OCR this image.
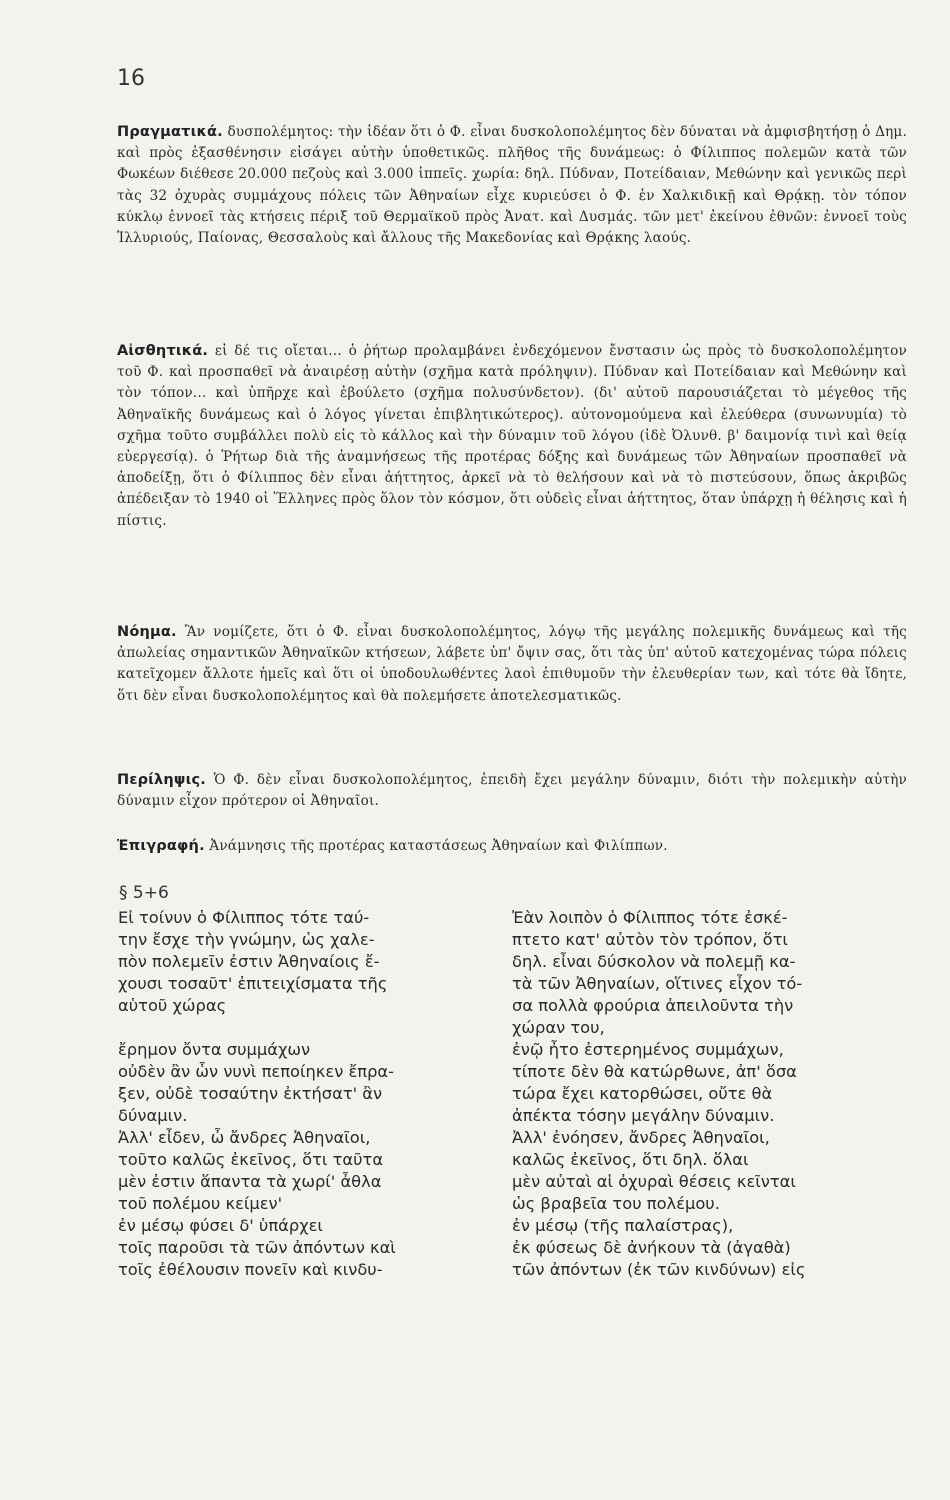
16
Πραγματικά. δυσπολέμητος: τὴν ἰδέαν ὅτι ὁ Φ. εἶναι δυσκολοπολέμητος δὲν δύναται νὰ ἀμφισβητήσῃ ὁ Δημ. καὶ πρὸς ἐξασθένησιν εἰσάγει αὐτὴν ὑποθετικῶς. πλῆθος τῆς δυνάμεως: ὁ Φίλιππος πολεμῶν κατὰ τῶν Φωκέων διέθεσε 20.000 πεζοὺς καὶ 3.000 ἱππεῖς. χωρία: δηλ. Πύδναν, Ποτείδαιαν, Μεθώνην καὶ γενικῶς περὶ τὰς 32 ὀχυρὰς συμμάχους πόλεις τῶν Ἀθηναίων εἶχε κυριεύσει ὁ Φ. ἐν Χαλκιδικῇ καὶ Θρᾴκῃ. τὸν τόπον κύκλῳ ἐννοεῖ τὰς κτήσεις πέριξ τοῦ Θερμαϊκοῦ πρὸς Ἀνατ. καὶ Δυσμάς. τῶν μετ' ἐκείνου ἐθνῶν: ἐννοεῖ τοὺς Ἰλλυριούς, Παίονας, Θεσσαλοὺς καὶ ἄλλους τῆς Μακεδονίας καὶ Θρᾴκης λαούς.
Αἰσθητικά. εἰ δέ τις οἴεται... ὁ ῥήτωρ προλαμβάνει ἐνδεχόμενον ἔνστασιν ὡς πρὸς τὸ δυσκολοπολέμητον τοῦ Φ. καὶ προσπαθεῖ νὰ ἀναιρέσῃ αὐτὴν (σχῆμα κατὰ πρόληψιν). Πύδναν καὶ Ποτείδαιαν καὶ Μεθώνην καὶ τὸν τόπον... καὶ ὑπῆρχε καὶ ἐβούλετο (σχῆμα πολυσύνδετον). (δι' αὐτοῦ παρουσιάζεται τὸ μέγεθος τῆς Ἀθηναϊκῆς δυνάμεως καὶ ὁ λόγος γίνεται ἐπιβλητικώτερος). αὐτονομούμενα καὶ ἐλεύθερα (συνωνυμία) τὸ σχῆμα τοῦτο συμβάλλει πολὺ εἰς τὸ κάλλος καὶ τὴν δύναμιν τοῦ λόγου (ἰδὲ Ὀλυνθ. β' δαιμονίᾳ τινὶ καὶ θείᾳ εὐεργεσίᾳ). ὁ Ῥήτωρ διὰ τῆς ἀναμνήσεως τῆς προτέρας δόξης καὶ δυνάμεως τῶν Ἀθηναίων προσπαθεῖ νὰ ἀποδείξῃ, ὅτι ὁ Φίλιππος δὲν εἶναι ἀήττητος, ἀρκεῖ νὰ τὸ θελήσουν καὶ νὰ τὸ πιστεύσουν, ὅπως ἀκριβῶς ἀπέδειξαν τὸ 1940 οἱ Ἕλληνες πρὸς ὅλον τὸν κόσμον, ὅτι οὐδεὶς εἶναι ἀήττητος, ὅταν ὑπάρχῃ ἡ θέλησις καὶ ἡ πίστις.
Νόημα. Ἂν νομίζετε, ὅτι ὁ Φ. εἶναι δυσκολοπολέμητος, λόγῳ τῆς μεγάλης πολεμικῆς δυνάμεως καὶ τῆς ἀπωλείας σημαντικῶν Ἀθηναϊκῶν κτήσεων, λάβετε ὑπ' ὄψιν σας, ὅτι τὰς ὑπ' αὐτοῦ κατεχομένας τώρα πόλεις κατεῖχομεν ἄλλοτε ἡμεῖς καὶ ὅτι οἱ ὑποδουλωθέντες λαοὶ ἐπιθυμοῦν τὴν ἐλευθερίαν των, καὶ τότε θὰ ἴδητε, ὅτι δὲν εἶναι δυσκολοπολέμητος καὶ θὰ πολεμήσετε ἀποτελεσματικῶς.
Περίληψις. Ὁ Φ. δὲν εἶναι δυσκολοπολέμητος, ἐπειδὴ ἔχει μεγάλην δύναμιν, διότι τὴν πολεμικὴν αὐτὴν δύναμιν εἶχον πρότερον οἱ Ἀθηναῖοι.
Ἐπιγραφή. Ἀνάμνησις τῆς προτέρας καταστάσεως Ἀθηναίων καὶ Φιλίππων.
§ 5+6
Εἰ τοίνυν ὁ Φίλιππος τότε ταύ-
την ἔσχε τὴν γνώμην, ὡς χαλε-
πὸν πολεμεῖν ἐστιν Ἀθηναίοις ἔ-
χουσι τοσαῦτ' ἐπιτειχίσματα τῆς
αὑτοῦ χώρας
ἔρημον ὄντα συμμάχων
οὐδὲν ἂν ὧν νυνὶ πεποίηκεν ἔπρα-
ξεν, οὐδὲ τοσαύτην ἐκτήσατ' ἂν
δύναμιν.
Ἀλλ' εἶδεν, ὦ ἄνδρες Ἀθηναῖοι,
τοῦτο καλῶς ἐκεῖνος, ὅτι ταῦτα
μὲν ἐστιν ἅπαντα τὰ χωρί' ἆθλα
τοῦ πολέμου κείμεν'
ἐν μέσῳ φύσει δ' ὑπάρχει
τοῖς παροῦσι τὰ τῶν ἀπόντων καὶ
τοῖς ἐθέλουσιν πονεῖν καὶ κινδυ-
Ἐὰν λοιπὸν ὁ Φίλιππος τότε ἐσκέ-
πτετο κατ' αὐτὸν τὸν τρόπον, ὅτι
δηλ. εἶναι δύσκολον νὰ πολεμῇ κα-
τὰ τῶν Ἀθηναίων, οἵτινες εἶχον τό-
σα πολλὰ φρούρια ἀπειλοῦντα τὴν
χώραν του,
ἐνῷ ἦτο ἐστερημένος συμμάχων,
τίποτε δὲν θὰ κατώρθωνε, ἀπ' ὅσα
τώρα ἔχει κατορθώσει, οὔτε θὰ
ἀπέκτα τόσην μεγάλην δύναμιν.
Ἀλλ' ἐνόησεν, ἄνδρες Ἀθηναῖοι,
καλῶς ἐκεῖνος, ὅτι δηλ. ὅλαι
μὲν αὐταὶ αἱ ὀχυραὶ θέσεις κεῖνται
ὡς βραβεῖα του πολέμου.
ἐν μέσῳ (τῆς παλαίστρας),
ἐκ φύσεως δὲ ἀνήκουν τὰ (ἀγαθὰ)
τῶν ἀπόντων (ἐκ τῶν κινδύνων) εἰς
